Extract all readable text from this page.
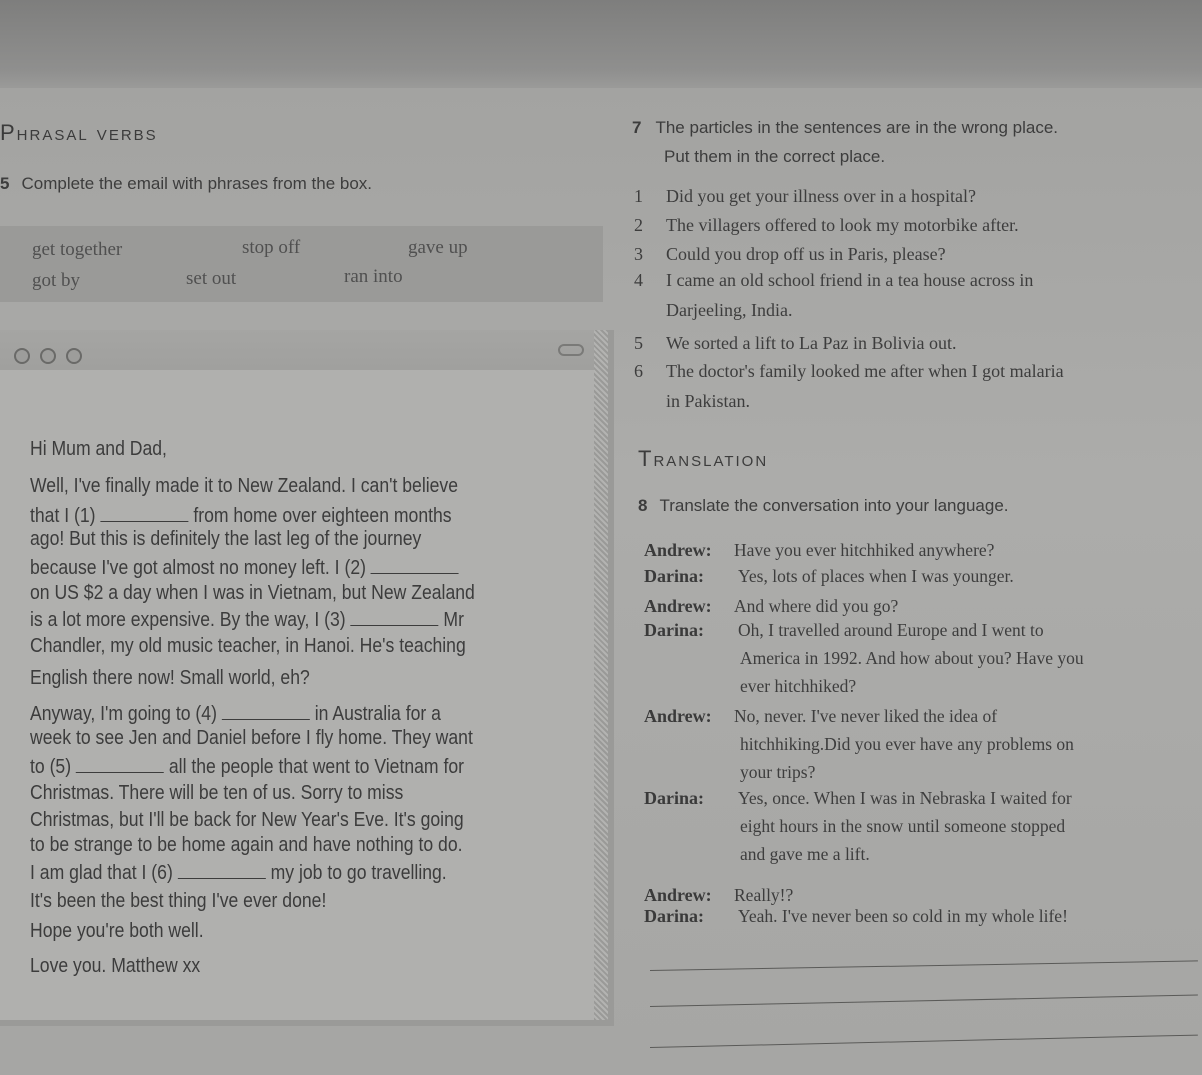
Phrasal verbs
5 Complete the email with phrases from the box.
get together	stop off	gave up
got by	set out	ran into
Hi Mum and Dad,
Well, I've finally made it to New Zealand. I can't believe
that I (1)	from home over eighteen months
ago! But this is definitely the last leg of the journey
because I've got almost no money left. I (2)
on US $2 a day when I was in Vietnam, but New Zealand
is a lot more expensive. By the way, I (3)	Mr
Chandler, my old music teacher, in Hanoi. He's teaching
English there now! Small world, eh?
Anyway, I'm going to (4)	in Australia for a
week to see Jen and Daniel before I fly home. They want
to (5)	all the people that went to Vietnam for
Christmas. There will be ten of us. Sorry to miss
Christmas, but I'll be back for New Year's Eve. It's going
to be strange to be home again and have nothing to do.
I am glad that I (6)	my job to go travelling.
It's been the best thing I've ever done!
Hope you're both well.
Love you. Matthew xx
7 The particles in the sentences are in the wrong place.
Put them in the correct place.
1 Did you get your illness over in a hospital?
2 The villagers offered to look my motorbike after.
3 Could you drop off us in Paris, please?
4 I came an old school friend in a tea house across in
Darjeeling, India.
5 We sorted a lift to La Paz in Bolivia out.
6 The doctor's family looked me after when I got malaria
in Pakistan.
Translation
8 Translate the conversation into your language.
Andrew: Have you ever hitchhiked anywhere?
Darina: Yes, lots of places when I was younger.
Andrew: And where did you go?
Darina: Oh, I travelled around Europe and I went to
America in 1992. And how about you? Have you
ever hitchhiked?
Andrew: No, never. I've never liked the idea of
hitchhiking.Did you ever have any problems on
your trips?
Darina: Yes, once. When I was in Nebraska I waited for
eight hours in the snow until someone stopped
and gave me a lift.
Andrew: Really!?
Darina: Yeah. I've never been so cold in my whole life!
